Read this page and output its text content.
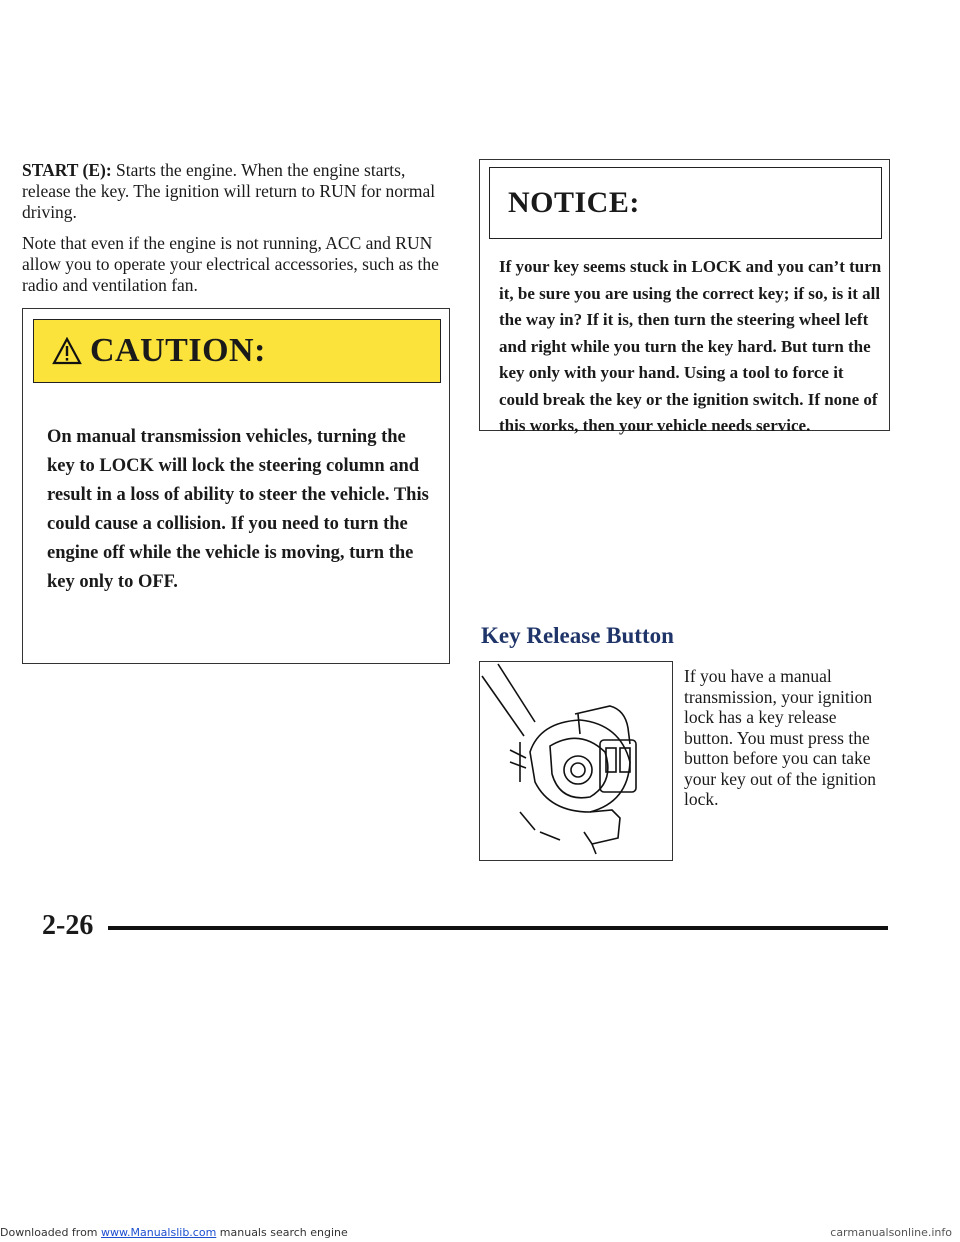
START (E): Starts the engine. When the engine starts, release the key. The ignition will return to RUN for normal driving.

Note that even if the engine is not running, ACC and RUN allow you to operate your electrical accessories, such as the radio and ventilation fan.

CAUTION:

On manual transmission vehicles, turning the key to LOCK will lock the steering column and result in a loss of ability to steer the vehicle. This could cause a collision. If you need to turn the engine off while the vehicle is moving, turn the key only to OFF.

NOTICE:

If your key seems stuck in LOCK and you can’t turn it, be sure you are using the correct key; if so, is it all the way in? If it is, then turn the steering wheel left and right while you turn the key hard. But turn the key only with your hand. Using a tool to force it could break the key or the ignition switch. If none of this works, then your vehicle needs service.

Key Release Button

If you have a manual transmission, your ignition lock has a key release button. You must press the button before you can take your key out of the ignition lock.

2-26
Downloaded from www.Manualslib.com manuals search engine	carmanualsonline.info
